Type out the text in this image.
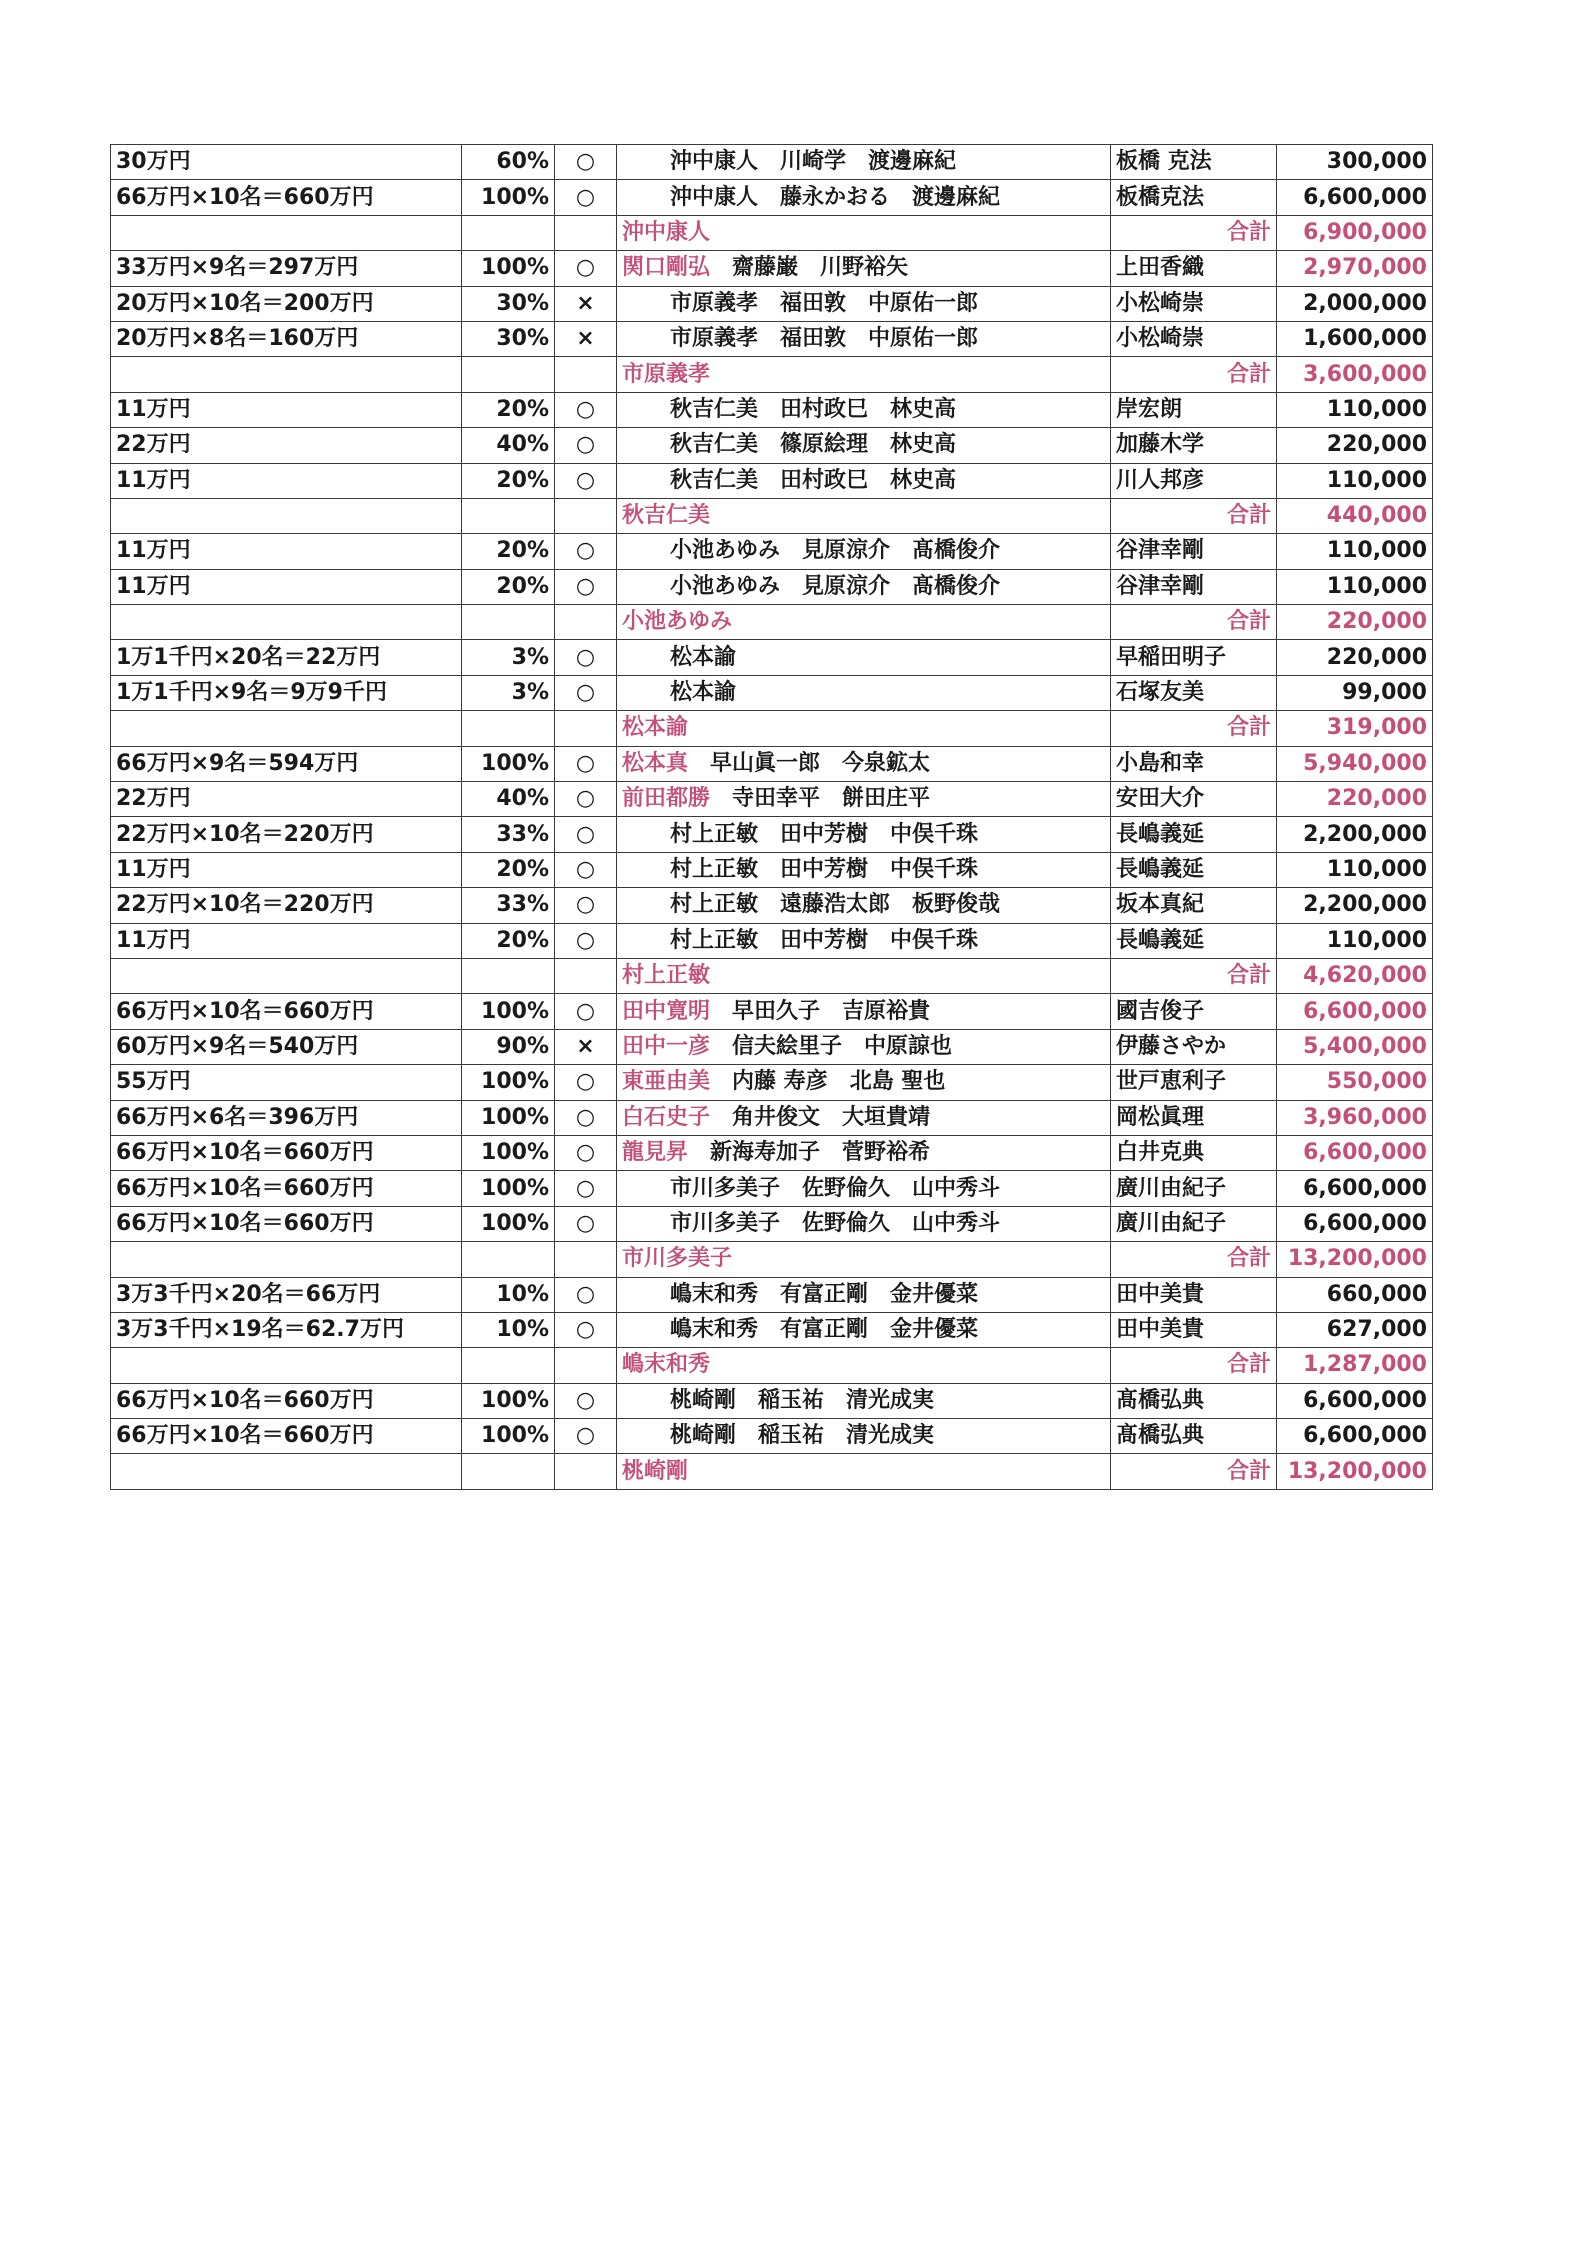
30万円	60%	○	沖中康人 川崎学 渡邊麻紀	板橋 克法	300,000
66万円×10名＝660万円	100%	○	沖中康人 藤永かおる 渡邊麻紀	板橋克法	6,600,000
			沖中康人	合計	6,900,000
33万円×9名＝297万円	100%	○	関口剛弘 齋藤巌 川野裕矢	上田香織	2,970,000
20万円×10名＝200万円	30%	×	市原義孝 福田敦 中原佑一郎	小松崎崇	2,000,000
20万円×8名＝160万円	30%	×	市原義孝 福田敦 中原佑一郎	小松崎崇	1,600,000
			市原義孝	合計	3,600,000
11万円	20%	○	秋吉仁美 田村政巳 林史高	岸宏朗	110,000
22万円	40%	○	秋吉仁美 篠原絵理 林史高	加藤木学	220,000
11万円	20%	○	秋吉仁美 田村政巳 林史高	川人邦彦	110,000
			秋吉仁美	合計	440,000
11万円	20%	○	小池あゆみ 見原涼介 髙橋俊介	谷津幸剛	110,000
11万円	20%	○	小池あゆみ 見原涼介 髙橋俊介	谷津幸剛	110,000
			小池あゆみ	合計	220,000
1万1千円×20名＝22万円	3%	○	松本諭	早稲田明子	220,000
1万1千円×9名＝9万9千円	3%	○	松本諭	石塚友美	99,000
			松本諭	合計	319,000
66万円×9名＝594万円	100%	○	松本真 早山眞一郎 今泉鉱太	小島和幸	5,940,000
22万円	40%	○	前田都勝 寺田幸平 餅田庄平	安田大介	220,000
22万円×10名＝220万円	33%	○	村上正敏 田中芳樹 中俣千珠	長嶋義延	2,200,000
11万円	20%	○	村上正敏 田中芳樹 中俣千珠	長嶋義延	110,000
22万円×10名＝220万円	33%	○	村上正敏 遠藤浩太郎 板野俊哉	坂本真紀	2,200,000
11万円	20%	○	村上正敏 田中芳樹 中俣千珠	長嶋義延	110,000
			村上正敏	合計	4,620,000
66万円×10名＝660万円	100%	○	田中寛明 早田久子 吉原裕貴	國吉俊子	6,600,000
60万円×9名＝540万円	90%	×	田中一彦 信夫絵里子 中原諒也	伊藤さやか	5,400,000
55万円	100%	○	東亜由美 内藤 寿彦 北島 聖也	世戸恵利子	550,000
66万円×6名＝396万円	100%	○	白石史子 角井俊文 大垣貴靖	岡松眞理	3,960,000
66万円×10名＝660万円	100%	○	龍見昇 新海寿加子 菅野裕希	白井克典	6,600,000
66万円×10名＝660万円	100%	○	市川多美子 佐野倫久 山中秀斗	廣川由紀子	6,600,000
66万円×10名＝660万円	100%	○	市川多美子 佐野倫久 山中秀斗	廣川由紀子	6,600,000
			市川多美子	合計	13,200,000
3万3千円×20名＝66万円	10%	○	嶋末和秀 有富正剛 金井優菜	田中美貴	660,000
3万3千円×19名＝62.7万円	10%	○	嶋末和秀 有富正剛 金井優菜	田中美貴	627,000
			嶋末和秀	合計	1,287,000
66万円×10名＝660万円	100%	○	桃崎剛 稲玉祐 清光成実	髙橋弘典	6,600,000
66万円×10名＝660万円	100%	○	桃崎剛 稲玉祐 清光成実	髙橋弘典	6,600,000
			桃崎剛	合計	13,200,000
